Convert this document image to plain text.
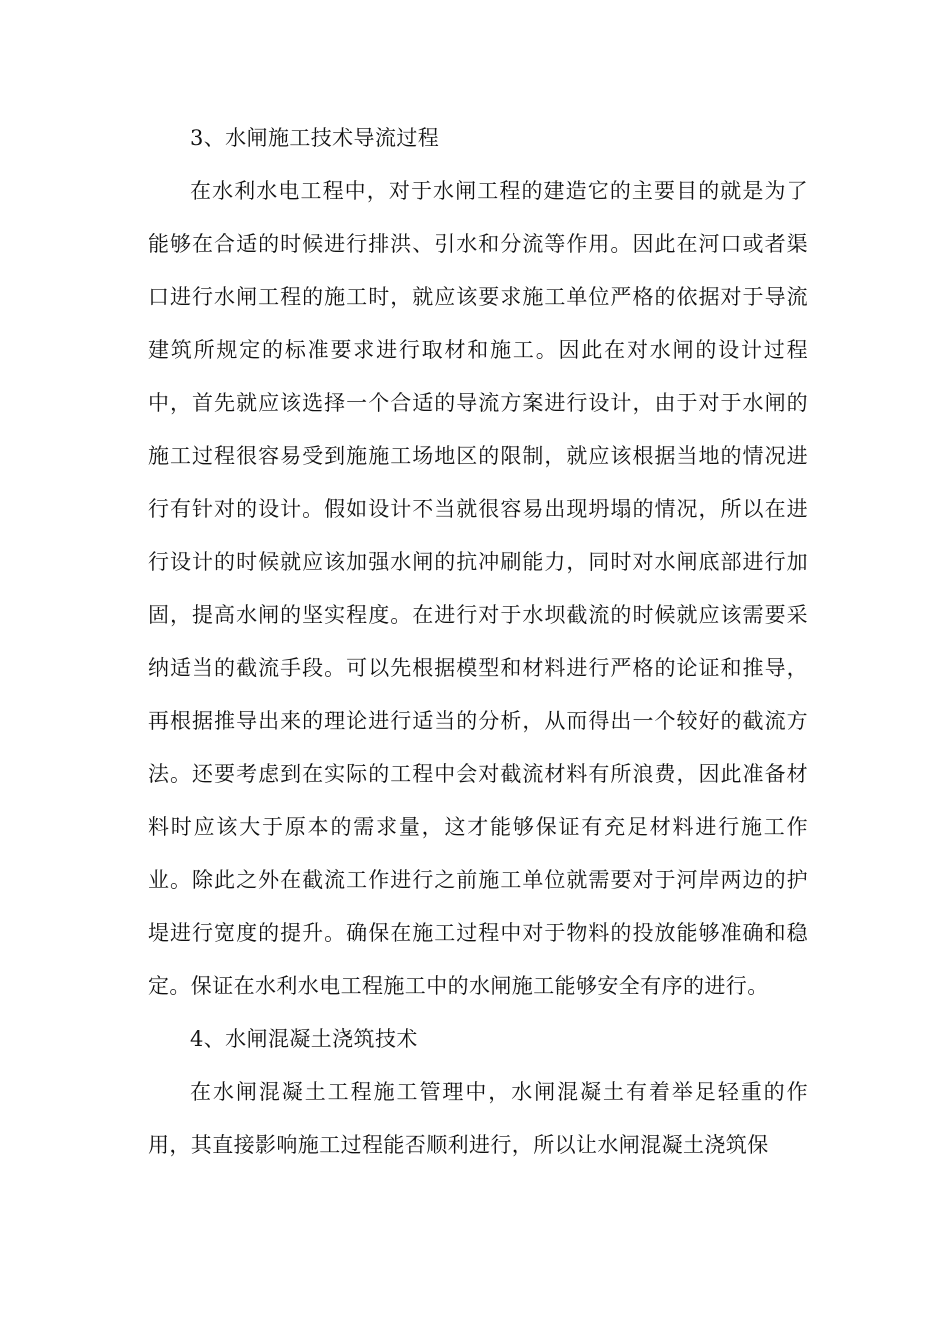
3、水闸施工技术导流过程

在水利水电工程中，对于水闸工程的建造它的主要目的就是为了能够在合适的时候进行排洪、引水和分流等作用。因此在河口或者渠口进行水闸工程的施工时，就应该要求施工单位严格的依据对于导流建筑所规定的标准要求进行取材和施工。因此在对水闸的设计过程中，首先就应该选择一个合适的导流方案进行设计，由于对于水闸的施工过程很容易受到施施工场地区的限制，就应该根据当地的情况进行有针对的设计。假如设计不当就很容易出现坍塌的情况，所以在进行设计的时候就应该加强水闸的抗冲刷能力，同时对水闸底部进行加固，提高水闸的坚实程度。在进行对于水坝截流的时候就应该需要采纳适当的截流手段。可以先根据模型和材料进行严格的论证和推导，再根据推导出来的理论进行适当的分析，从而得出一个较好的截流方法。还要考虑到在实际的工程中会对截流材料有所浪费，因此准备材料时应该大于原本的需求量，这才能够保证有充足材料进行施工作业。除此之外在截流工作进行之前施工单位就需要对于河岸两边的护堤进行宽度的提升。确保在施工过程中对于物料的投放能够准确和稳定。保证在水利水电工程施工中的水闸施工能够安全有序的进行。

4、水闸混凝土浇筑技术

在水闸混凝土工程施工管理中，水闸混凝土有着举足轻重的作用，其直接影响施工过程能否顺利进行，所以让水闸混凝土浇筑保
